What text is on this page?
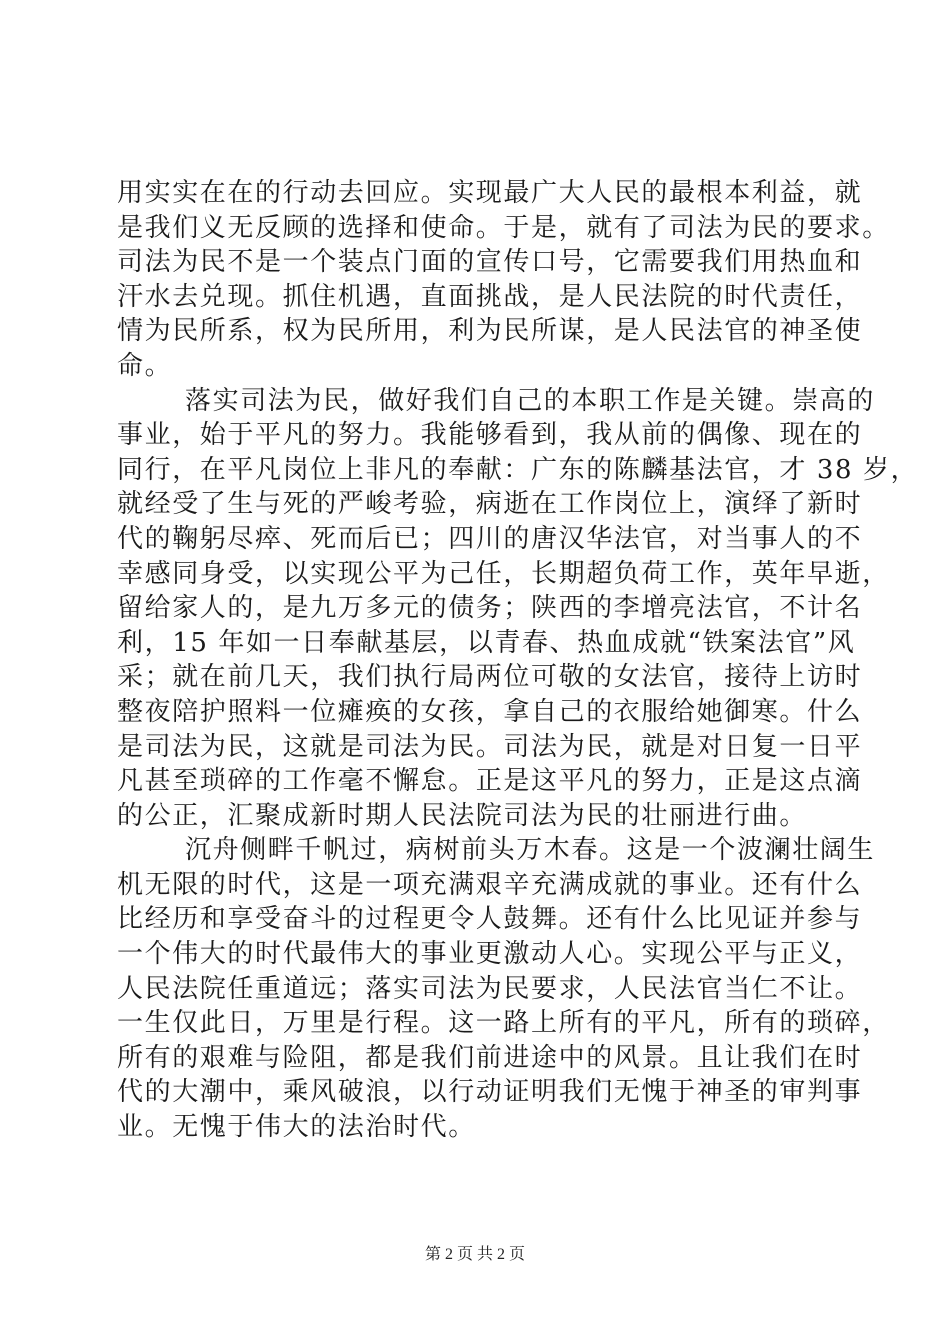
用实实在在的行动去回应。实现最广大人民的最根本利益，就
是我们义无反顾的选择和使命。于是，就有了司法为民的要求。
司法为民不是一个装点门面的宣传口号，它需要我们用热血和
汗水去兑现。抓住机遇，直面挑战，是人民法院的时代责任，
情为民所系，权为民所用，利为民所谋，是人民法官的神圣使
命。
落实司法为民，做好我们自己的本职工作是关键。崇高的
事业，始于平凡的努力。我能够看到，我从前的偶像、现在的
同行，在平凡岗位上非凡的奉献：广东的陈麟基法官，才 38 岁，
就经受了生与死的严峻考验，病逝在工作岗位上，演绎了新时
代的鞠躬尽瘁、死而后已；四川的唐汉华法官，对当事人的不
幸感同身受，以实现公平为己任，长期超负荷工作，英年早逝，
留给家人的，是九万多元的债务；陕西的李增亮法官，不计名
利，15 年如一日奉献基层，以青春、热血成就“铁案法官”风
采；就在前几天，我们执行局两位可敬的女法官，接待上访时
整夜陪护照料一位瘫痪的女孩，拿自己的衣服给她御寒。什么
是司法为民，这就是司法为民。司法为民，就是对日复一日平
凡甚至琐碎的工作毫不懈怠。正是这平凡的努力，正是这点滴
的公正，汇聚成新时期人民法院司法为民的壮丽进行曲。
沉舟侧畔千帆过，病树前头万木春。这是一个波澜壮阔生
机无限的时代，这是一项充满艰辛充满成就的事业。还有什么
比经历和享受奋斗的过程更令人鼓舞。还有什么比见证并参与
一个伟大的时代最伟大的事业更激动人心。实现公平与正义，
人民法院任重道远；落实司法为民要求，人民法官当仁不让。
一生仅此日，万里是行程。这一路上所有的平凡，所有的琐碎，
所有的艰难与险阻，都是我们前进途中的风景。且让我们在时
代的大潮中，乘风破浪，以行动证明我们无愧于神圣的审判事
业。无愧于伟大的法治时代。
第 2 页 共 2 页
